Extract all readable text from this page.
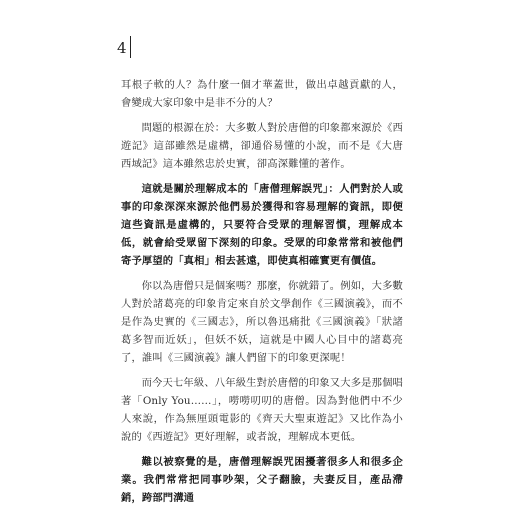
4

耳根子軟的人？為什麼一個才華蓋世，做出卓越貢獻的人，會變成大家印象中是非不分的人？

問題的根源在於：大多數人對於唐僧的印象都來源於《西遊記》這部雖然是虛構，卻通俗易懂的小說，而不是《大唐西域記》這本雖然忠於史實，卻高深難懂的著作。

這就是關於理解成本的「唐僧理解誤咒」：人們對於人或事的印象深深來源於他們易於獲得和容易理解的資訊，即便這些資訊是虛構的，只要符合受眾的理解習慣，理解成本低，就會給受眾留下深刻的印象。受眾的印象常常和被他們寄予厚望的「真相」相去甚遠，即使真相確實更有價值。

你以為唐僧只是個案嗎？那麼，你就錯了。例如，大多數人對於諸葛亮的印象肯定來自於文學創作《三國演義》，而不是作為史實的《三國志》，所以魯迅痛批《三國演義》「狀諸葛多智而近妖」，但妖不妖，這就是中國人心目中的諸葛亮了，誰叫《三國演義》讓人們留下的印象更深呢！

而今天七年級、八年級生對於唐僧的印象又大多是那個唱著「Only You……」，嘮嘮叨叨的唐僧。因為對他們中不少人來說，作為無厘頭電影的《齊天大聖東遊記》又比作為小說的《西遊記》更好理解，或者說，理解成本更低。

難以被察覺的是，唐僧理解誤咒困擾著很多人和很多企業。我們常常把同事吵架，父子翻臉，夫妻反目，產品滯銷，跨部門溝通
